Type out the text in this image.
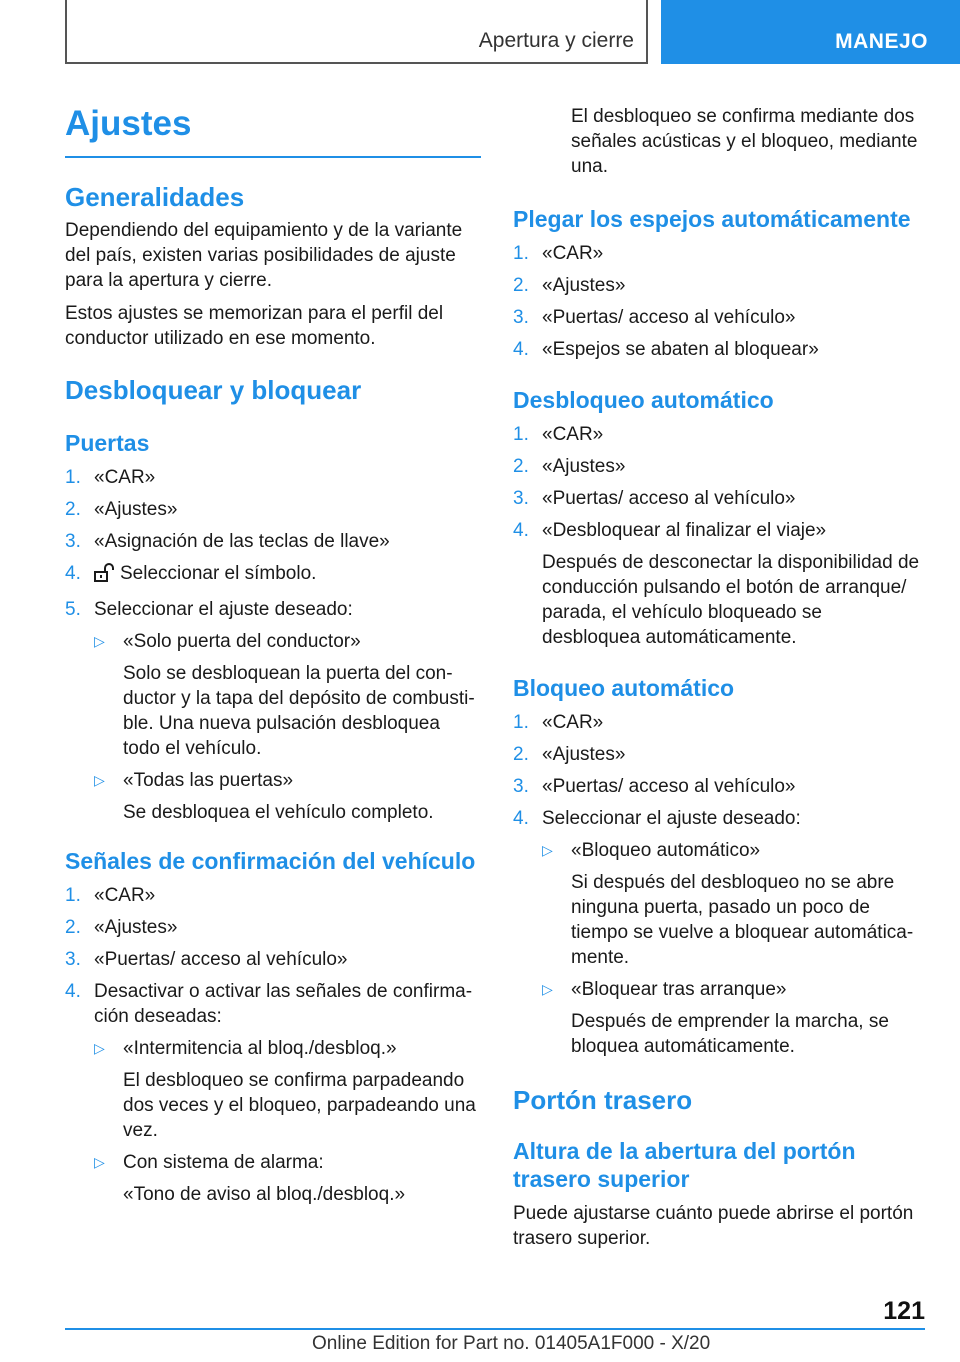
Apertura y cierre	MANEJO
Ajustes
Generalidades

Dependiendo del equipamiento y de la variante del país, existen varias posibilidades de ajuste para la apertura y cierre.

Estos ajustes se memorizan para el perfil del conductor utilizado en ese momento.

Desbloquear y bloquear
Puertas
1. «CAR»
2. «Ajustes»
3. «Asignación de las teclas de llave»
4. Seleccionar el símbolo.
5. Seleccionar el ajuste deseado:
▷ «Solo puerta del conductor»

Solo se desbloquean la puerta del conductor y la tapa del depósito de combustible. Una nueva pulsación desbloquea todo el vehículo.

▷ «Todas las puertas»

Se desbloquea el vehículo completo.

Señales de confirmación del vehículo
1. «CAR»
2. «Ajustes»
3. «Puertas/ acceso al vehículo»
4. Desactivar o activar las señales de confirmación deseadas:
▷ «Intermitencia al bloq./desbloq.»

El desbloqueo se confirma parpadeando dos veces y el bloqueo, parpadeando una vez.

▷ Con sistema de alarma:

«Tono de aviso al bloq./desbloq.»

El desbloqueo se confirma mediante dos señales acústicas y el bloqueo, mediante una.

Plegar los espejos automáticamente
1. «CAR»
2. «Ajustes»
3. «Puertas/ acceso al vehículo»
4. «Espejos se abaten al bloquear»
Desbloqueo automático
1. «CAR»
2. «Ajustes»
3. «Puertas/ acceso al vehículo»
4. «Desbloquear al finalizar el viaje»

Después de desconectar la disponibilidad de conducción pulsando el botón de arranque/ parada, el vehículo bloqueado se desbloquea automáticamente.

Bloqueo automático
1. «CAR»
2. «Ajustes»
3. «Puertas/ acceso al vehículo»
4. Seleccionar el ajuste deseado:
▷ «Bloqueo automático»

Si después del desbloqueo no se abre ninguna puerta, pasado un poco de tiempo se vuelve a bloquear automáticamente.

▷ «Bloquear tras arranque»

Después de emprender la marcha, se bloquea automáticamente.

Portón trasero
Altura de la abertura del portón trasero superior

Puede ajustarse cuánto puede abrirse el portón trasero superior.

121
Online Edition for Part no. 01405A1F000 - X/20
